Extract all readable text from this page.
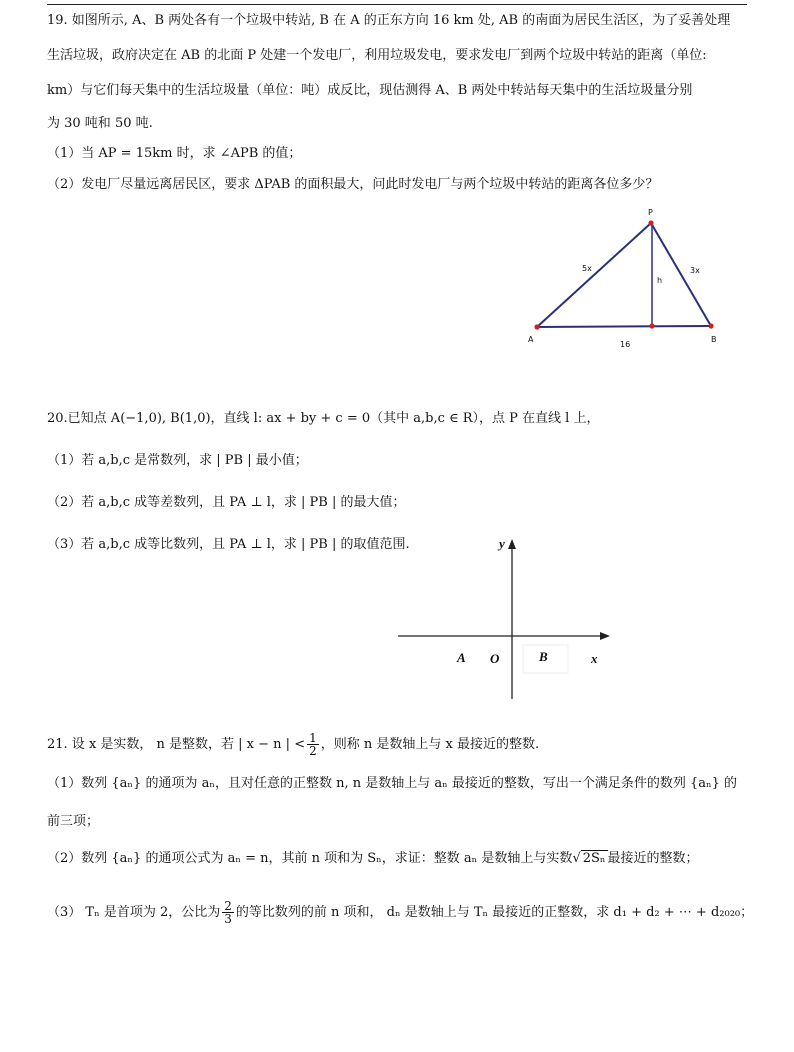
19. 如图所示, A、B 两处各有一个垃圾中转站, B 在 A 的正东方向 16 km 处, AB 的南面为居民生活区，为了妥善处理
生活垃圾，政府决定在 AB 的北面 P 处建一个发电厂，利用垃圾发电，要求发电厂到两个垃圾中转站的距离（单位:
km）与它们每天集中的生活垃圾量（单位：吨）成反比，现估测得 A、B 两处中转站每天集中的生活垃圾量分别
为 30 吨和 50 吨.
（1）当 AP = 15km 时，求 ∠APB 的值；
（2）发电厂尽量远离居民区，要求 ΔPAB 的面积最大，问此时发电厂与两个垃圾中转站的距离各位多少？
P
A	B
5x	3x
h
16
20.已知点 A(−1,0), B(1,0)，直线 l: ax + by + c = 0（其中 a,b,c ∈ R），点 P 在直线 l 上，
（1）若 a,b,c 是常数列，求 | PB | 最小值；
（2）若 a,b,c 成等差数列，且 PA ⊥ l，求 | PB | 的最大值；
（3）若 a,b,c 成等比数列，且 PA ⊥ l，求 | PB | 的取值范围.	y
x
A O	B
21. 设 x 是实数， n 是整数，若 | x − n | < $\frac{1}{2}$ ，则称 n 是数轴上与 x 最接近的整数.
（1）数列 {aₙ} 的通项为 aₙ，且对任意的正整数 n, n 是数轴上与 aₙ 最接近的整数，写出一个满足条件的数列 {aₙ} 的
前三项；
（2）数列 {aₙ} 的通项公式为 aₙ = n，其前 n 项和为 Sₙ，求证：整数 aₙ 是数轴上与实数√ 2Sₙ 最接近的整数；
（3） Tₙ 是首项为 2，公比为 $\frac{2}{3}$ 的等比数列的前 n 项和， dₙ 是数轴上与 Tₙ 最接近的正整数，求 d₁ + d₂ + ⋯ + d₂₀₂₀；
